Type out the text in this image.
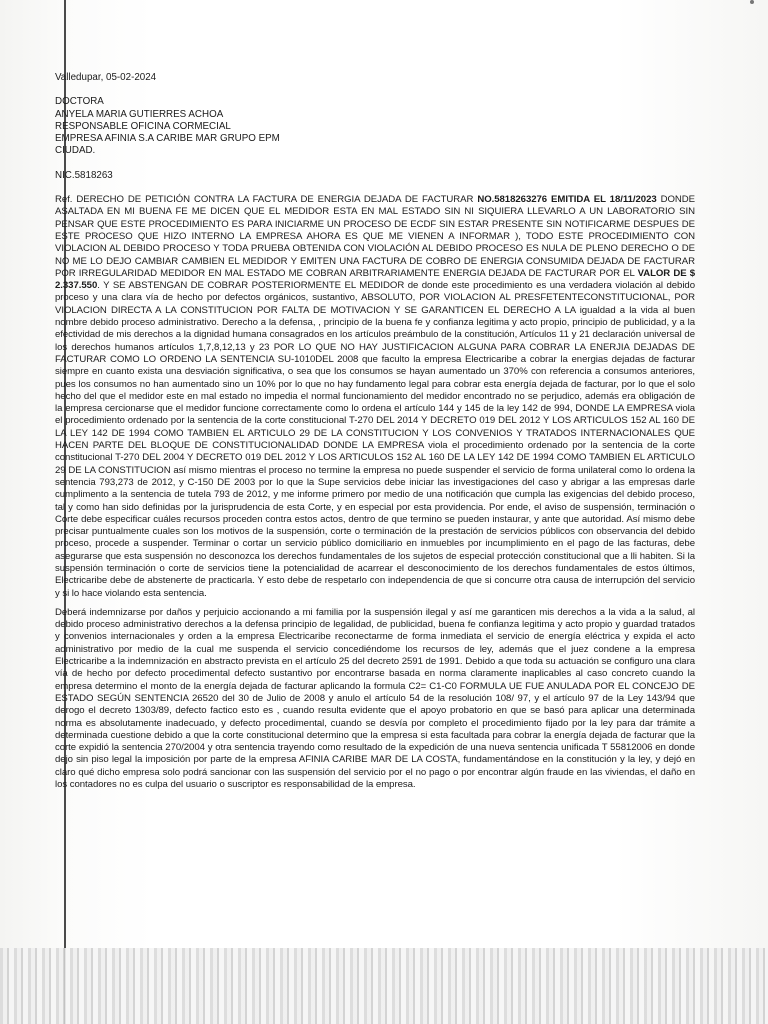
Valledupar, 05-02-2024

DOCTORA

ANYELA MARIA GUTIERRES ACHOA

RESPONSABLE OFICINA CORMECIAL

EMPRESA AFINIA S.A CARIBE MAR GRUPO EPM

CIUDAD.

NIC.5818263

Ref. DERECHO DE PETICIÓN CONTRA LA FACTURA DE ENERGIA DEJADA DE FACTURAR NO.5818263276 EMITIDA EL 18/11/2023 DONDE ASALTADA EN MI BUENA FE ME DICEN QUE EL MEDIDOR ESTA EN MAL ESTADO SIN NI SIQUIERA LLEVARLO A UN LABORATORIO SIN PENSAR QUE ESTE PROCEDIMIENTO ES PARA INICIARME UN PROCESO DE ECDF SIN ESTAR PRESENTE SIN NOTIFICARME DESPUES DE ESTE PROCESO QUE HIZO INTERNO LA EMPRESA AHORA ES QUE ME VIENEN A INFORMAR ), TODO ESTE PROCEDIMIENTO CON VIOLACION AL DEBIDO PROCESO Y TODA PRUEBA OBTENIDA CON VIOLACIÓN AL DEBIDO PROCESO ES NULA DE PLENO DERECHO O DE NO ME LO DEJO CAMBIAR CAMBIEN EL MEDIDOR Y EMITEN UNA FACTURA DE COBRO DE ENERGIA CONSUMIDA DEJADA DE FACTURAR POR IRREGULARIDAD MEDIDOR EN MAL ESTADO ME COBRAN ARBITRARIAMENTE ENERGIA DEJADA DE FACTURAR POR EL VALOR DE $ 2.337.550. Y SE ABSTENGAN DE COBRAR POSTERIORMENTE EL MEDIDOR de donde este procedimiento es una verdadera violación al debido proceso y una clara vía de hecho por defectos orgánicos, sustantivo, ABSOLUTO, POR VIOLACION AL PRESFETENTECONSTITUCIONAL, POR VIOLACION DIRECTA A LA CONSTITUCION POR FALTA DE MOTIVACION Y SE GARANTICEN EL DERECHO A LA igualdad a la vida al buen nombre debido proceso administrativo. Derecho a la defensa, , principio de la buena fe y confianza legitima y acto propio, principio de publicidad, y a la efectividad de mis derechos a la dignidad humana consagrados en los artículos preámbulo de la constitución, Artículos 11 y 21 declaración universal de los derechos humanos artículos 1,7,8,12,13 y 23 POR LO QUE NO HAY JUSTIFICACION ALGUNA PARA COBRAR LA ENERJIA DEJADAS DE FACTURAR COMO LO ORDENO LA SENTENCIA SU-1010DEL 2008 que faculto la empresa Electricaribe a cobrar la energias dejadas de facturar siempre en cuanto exista una desviación significativa, o sea que los consumos se hayan aumentado un 370% con referencia a consumos anteriores, pues los consumos no han aumentado sino un 10% por lo que no hay fundamento legal para cobrar esta energía dejada de facturar, por lo que el solo hecho del que el medidor este en mal estado no impedia el normal funcionamiento del medidor encontrado no se perjudico, además era obligación de la empresa cercionarse que el medidor funcione correctamente como lo ordena el artículo 144 y 145 de la ley 142 de 994, DONDE LA EMPRESA viola el procedimiento ordenado por la sentencia de la corte constitucional T-270 DEL 2014 Y DECRETO 019 DEL 2012 Y LOS ARTICULOS 152 AL 160 DE LA LEY 142 DE 1994 COMO TAMBIEN EL ARTICULO 29 DE LA CONSTITUCION Y LOS CONVENIOS Y TRATADOS INTERNACIONALES QUE HACEN PARTE DEL BLOQUE DE CONSTITUCIONALIDAD DONDE LA EMPRESA viola el procedimiento ordenado por la sentencia de la corte constitucional T-270 DEL 2004 Y DECRETO 019 DEL 2012 Y LOS ARTICULOS 152 AL 160 DE LA LEY 142 DE 1994 COMO TAMBIEN EL ARTICULO 29 DE LA CONSTITUCION así mismo mientras el proceso no termine la empresa no puede suspender el servicio de forma unilateral como lo ordena la sentencia 793,273 de 2012, y C-150 DE 2003 por lo que la Supe servicios debe iniciar las investigaciones del caso y abrigar a las empresas darle cumplimento a la sentencia de tutela 793 de 2012, y me informe primero por medio de una notificación que cumpla las exigencias del debido proceso, tal y como han sido definidas por la jurisprudencia de esta Corte, y en especial por esta providencia. Por ende, el aviso de suspensión, terminación o Corte debe especificar cuáles recursos proceden contra estos actos, dentro de que termino se pueden instaurar, y ante que autoridad. Así mismo debe precisar puntualmente cuales son los motivos de la suspensión, corte o terminación de la prestación de servicios públicos con observancia del debido proceso, procede a suspender. Terminar o cortar un servicio público domiciliario en inmuebles por incumplimiento en el pago de las facturas, debe asegurarse que esta suspensión no desconozca los derechos fundamentales de los sujetos de especial protección constitucional que a lli habiten. Si la suspensión terminación o corte de servicios tiene la potencialidad de acarrear el desconocimiento de los derechos fundamentales de estos últimos, Electricaribe debe de abstenerte de practicarla. Y esto debe de respetarlo con independencia de que si concurre otra causa de interrupción del servicio y si lo hace violando esta sentencia.

Deberá indemnizarse por daños y perjuicio accionando a mi familia por la suspensión ilegal y así me garanticen mis derechos a la vida a la salud, al debido proceso administrativo derechos a la defensa principio de legalidad, de publicidad, buena fe confianza legitima y acto propio y guardad tratados y convenios internacionales y orden a la empresa Electricaribe reconectarme de forma inmediata el servicio de energía eléctrica y expida el acto administrativo por medio de la cual me suspenda el servicio concediéndome los recursos de ley, además que el juez condene a la empresa Electricaribe a la indemnización en abstracto prevista en el artículo 25 del decreto 2591 de 1991. Debido a que toda su actuación se configuro una clara vía de hecho por defecto procedimental defecto sustantivo por encontrarse basada en norma claramente inaplicables al caso concreto cuando la empresa determino el monto de la energía dejada de facturar aplicando la formula C2= C1-C0 FORMULA UE FUE ANULADA POR EL CONCEJO DE ESTADO SEGÚN SENTENCIA 26520 del 30 de Julio de 2008 y anulo el artículo 54 de la resolución 108/ 97, y el artículo 97 de la Ley 143/94 que derogo el decreto 1303/89, defecto factico esto es , cuando resulta evidente que el apoyo probatorio en que se basó para aplicar una determinada norma es absolutamente inadecuado, y defecto procedimental, cuando se desvía por completo el procedimiento fijado por la ley para dar trámite a determinada cuestione debido a que la corte constitucional determino que la empresa si esta facultada para cobrar la energía dejada de facturar que la corte expidió la sentencia 270/2004 y otra sentencia trayendo como resultado de la expedición de una nueva sentencia unificada T 55812006 en donde dejo sin piso legal la imposición por parte de la empresa AFINIA CARIBE MAR DE LA COSTA, fundamentándose en la constitución y la ley, y dejó en claro qué dicho empresa solo podrá sancionar con las suspensión del servicio por el no pago o por encontrar algún fraude en las viviendas, el daño en los contadores no es culpa del usuario o suscriptor es responsabilidad de la empresa.
